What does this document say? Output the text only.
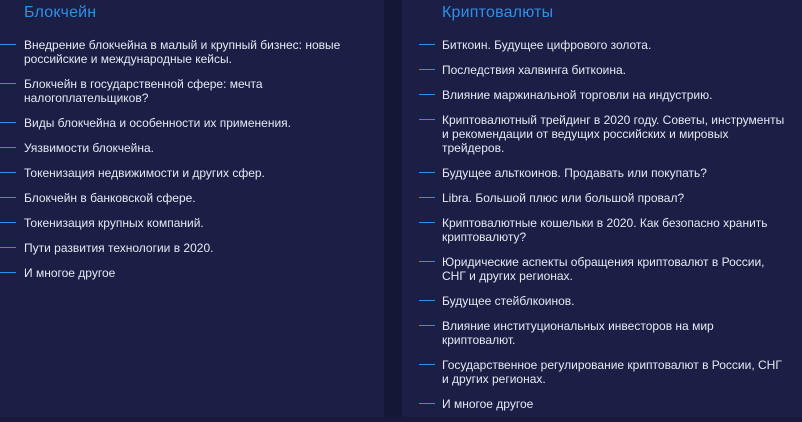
Блокчейн
Внедрение блокчейна в малый и крупный бизнес: новые российские и международные кейсы.
Блокчейн в государственной сфере: мечта налогоплательщиков?
Виды блокчейна и особенности их применения.
Уязвимости блокчейна.
Токенизация недвижимости и других сфер.
Блокчейн в банковской сфере.
Токенизация крупных компаний.
Пути развития технологии в 2020.
И многое другое
Криптовалюты
Биткоин. Будущее цифрового золота.
Последствия халвинга биткоина.
Влияние маржинальной торговли на индустрию.
Криптовалютный трейдинг в 2020 году. Советы, инструменты и рекомендации от ведущих российских и мировых трейдеров.
Будущее альткоинов. Продавать или покупать?
Libra. Большой плюс или большой провал?
Криптовалютные кошельки в 2020. Как безопасно хранить криптовалюту?
Юридические аспекты обращения криптовалют в России, СНГ и других регионах.
Будущее стейблкоинов.
Влияние институциональных инвесторов на мир криптовалют.
Государственное регулирование криптовалют в России, СНГ и других регионах.
И многое другое
